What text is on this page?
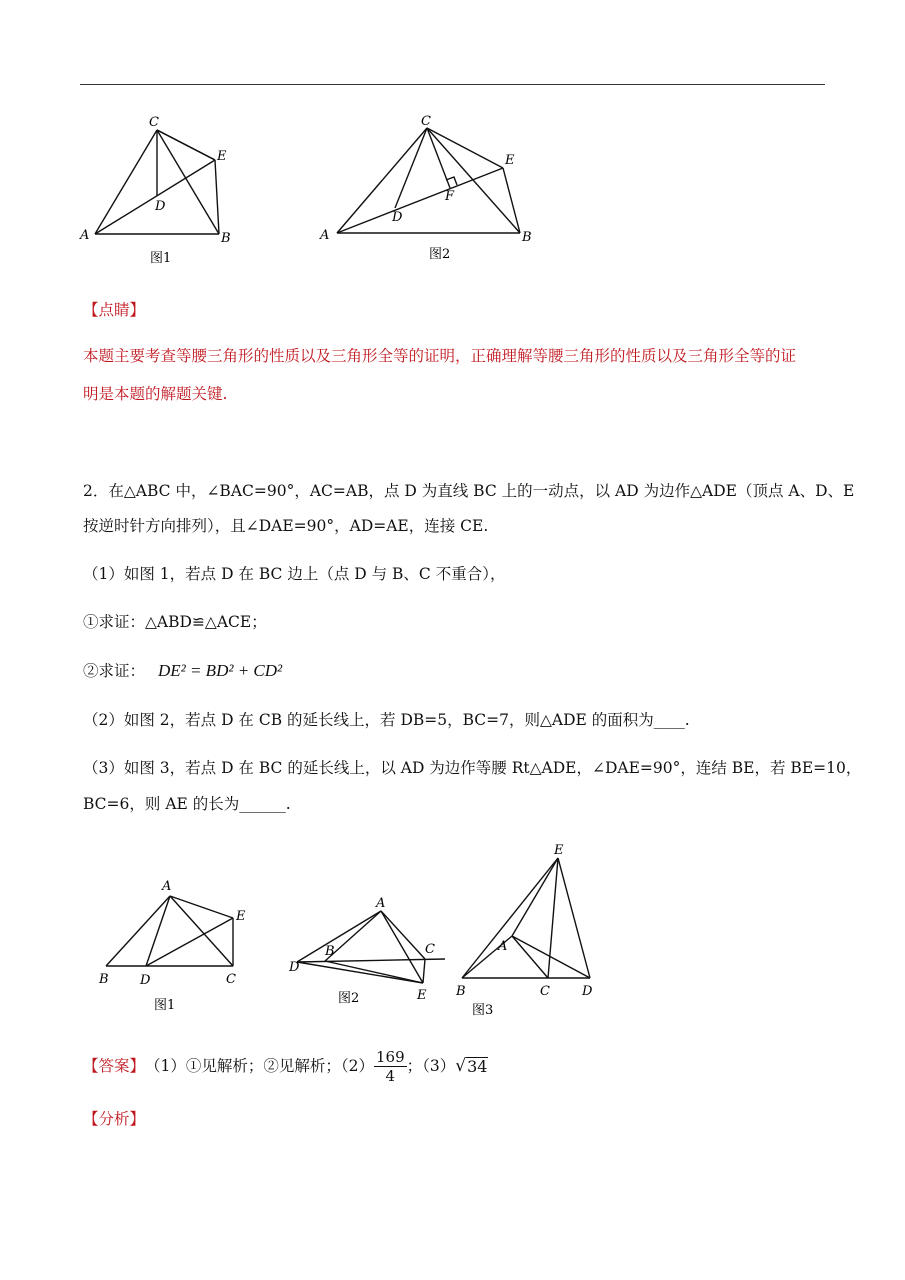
A	B
C
D
E
图1
A	B
C
D
E
F
图2
【点睛】
本题主要考查等腰三角形的性质以及三角形全等的证明，正确理解等腰三角形的性质以及三角形全等的证
明是本题的解题关键.
2．在△ABC 中，∠BAC=90°，AC=AB，点 D 为直线 BC 上的一动点，以 AD 为边作△ADE（顶点 A、D、E
按逆时针方向排列），且∠DAE=90°，AD=AE，连接 CE.
（1）如图 1，若点 D 在 BC 边上（点 D 与 B、C 不重合），
①求证：△ABD≌△ACE；
②求证： DE² = BD² + CD²
（2）如图 2，若点 D 在 CB 的延长线上，若 DB=5，BC=7，则△ADE 的面积为____.
（3）如图 3，若点 D 在 BC 的延长线上，以 AD 为边作等腰 Rt△ADE，∠DAE=90°，连结 BE，若 BE=10，
BC=6，则 AE 的长为______.
A
B	C
D
E
图1
A
B	C
D
E
图2
E
A
B	C D
图3
【答案】 （1）①见解析；②见解析；$(2) \frac{169}{4}$ ；（3） √ 34
【分析】
